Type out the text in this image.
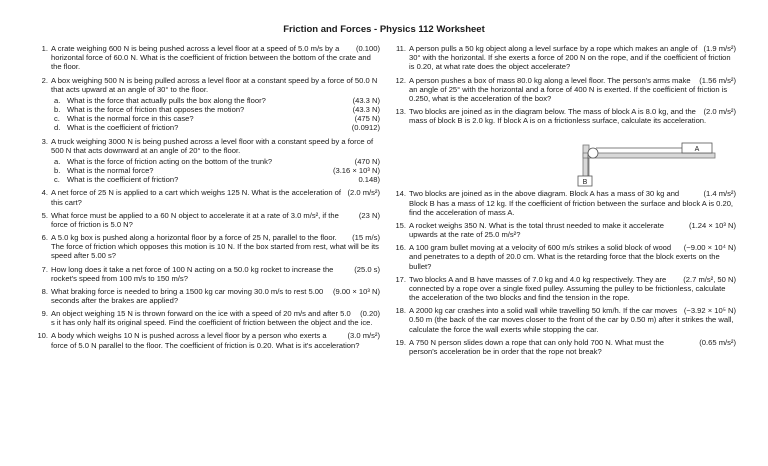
Friction and Forces - Physics 112 Worksheet
1.	(0.100)
A crate weighing 600 N is being pushed across a level floor at a speed of 5.0 m/s by a horizontal force of 60.0 N. What is the coefficient of friction between the bottom of the crate and the floor.
2. A box weighing 500 N is being pulled across a level floor at a constant speed by a force of 50.0 N that acts upward at an angle of 30° to the floor.
a. What is the force that actually pulls the box along the floor?	(43.3 N)
b. What is the force of friction that opposes the motion?	(43.3 N)
c. What is the normal force in this case?	(475 N)
d. What is the coefficient of friction?	(0.0912)
3. A truck weighing 3000 N is being pushed across a level floor with a constant speed by a force of 500 N that acts downward at an angle of 20° to the floor.
a. What is the force of friction acting on the bottom of the trunk?	(470 N)
b. What is the normal force?	(3.16 × 10³ N)
c. What is the coefficient of friction?	0.148)
4.	(2.0 m/s²)
A net force of 25 N is applied to a cart which weighs 125 N. What is the acceleration of this cart?
5.	(23 N)
What force must be applied to a 60 N object to accelerate it at a rate of 3.0 m/s², if the force of friction is 5.0 N?
6.	(15 m/s)
A 5.0 kg box is pushed along a horizontal floor by a force of 25 N, parallel to the floor. The force of friction which opposes this motion is 10 N. If the box started from rest, what will be its speed after 5.00 s?
7.	(25.0 s)
How long does it take a net force of 100 N acting on a 50.0 kg rocket to increase the rocket's speed from 100 m/s to 150 m/s?
8.	(9.00 × 10³ N)
What braking force is needed to bring a 1500 kg car moving 30.0 m/s to rest 5.00 seconds after the brakes are applied?
9.	(0.20)
An object weighing 15 N is thrown forward on the ice with a speed of 20 m/s and after 5.0 s it has only half its original speed. Find the coefficient of friction between the object and the ice.
10.	(3.0 m/s²)
A body which weighs 10 N is pushed across a level floor by a person who exerts a force of 5.0 N parallel to the floor. The coefficient of friction is 0.20. What is it's acceleration?
11.	(1.9 m/s²)
A person pulls a 50 kg object along a level surface by a rope which makes an angle of 30° with the horizontal. If she exerts a force of 200 N on the rope, and if the coefficient of friction is 0.20, at what rate does the object accelerate?
12.	(1.56 m/s²)
A person pushes a box of mass 80.0 kg along a level floor. The person's arms make an angle of 25° with the horizontal and a force of 400 N is exerted. If the coefficient of friction is 0.250, what is the acceleration of the box?
13.	(2.0 m/s²)
Two blocks are joined as in the diagram below. The mass of block A is 8.0 kg, and the mass of block B is 2.0 kg. If block A is on a frictionless surface, calculate its acceleration.
A
B
14.	(1.4 m/s²)
Two blocks are joined as in the above diagram. Block A has a mass of 30 kg and Block B has a mass of 12 kg. If the coefficient of friction between the surface and block A is 0.20, find the acceleration of mass A.
15.	(1.24 × 10³ N)
A rocket weighs 350 N. What is the total thrust needed to make it accelerate upwards at the rate of 25.0 m/s²?
16.	(−9.00 × 10⁴ N)
A 100 gram bullet moving at a velocity of 600 m/s strikes a solid block of wood and penetrates to a depth of 20.0 cm. What is the retarding force that the block exerts on the bullet?
17.	(2.7 m/s², 50 N)
Two blocks A and B have masses of 7.0 kg and 4.0 kg respectively. They are connected by a rope over a single fixed pulley. Assuming the pulley to be frictionless, calculate the acceleration of the two blocks and find the tension in the rope.
18.	(−3.92 × 10⁵ N)
A 2000 kg car crashes into a solid wall while travelling 50 km/h. If the car moves 0.50 m (the back of the car moves closer to the front of the car by 0.50 m) after it strikes the wall, calculate the force the wall exerts while stopping the car.
19.	(0.65 m/s²)
A 750 N person slides down a rope that can only hold 700 N. What must the person's acceleration be in order that the rope not break?
